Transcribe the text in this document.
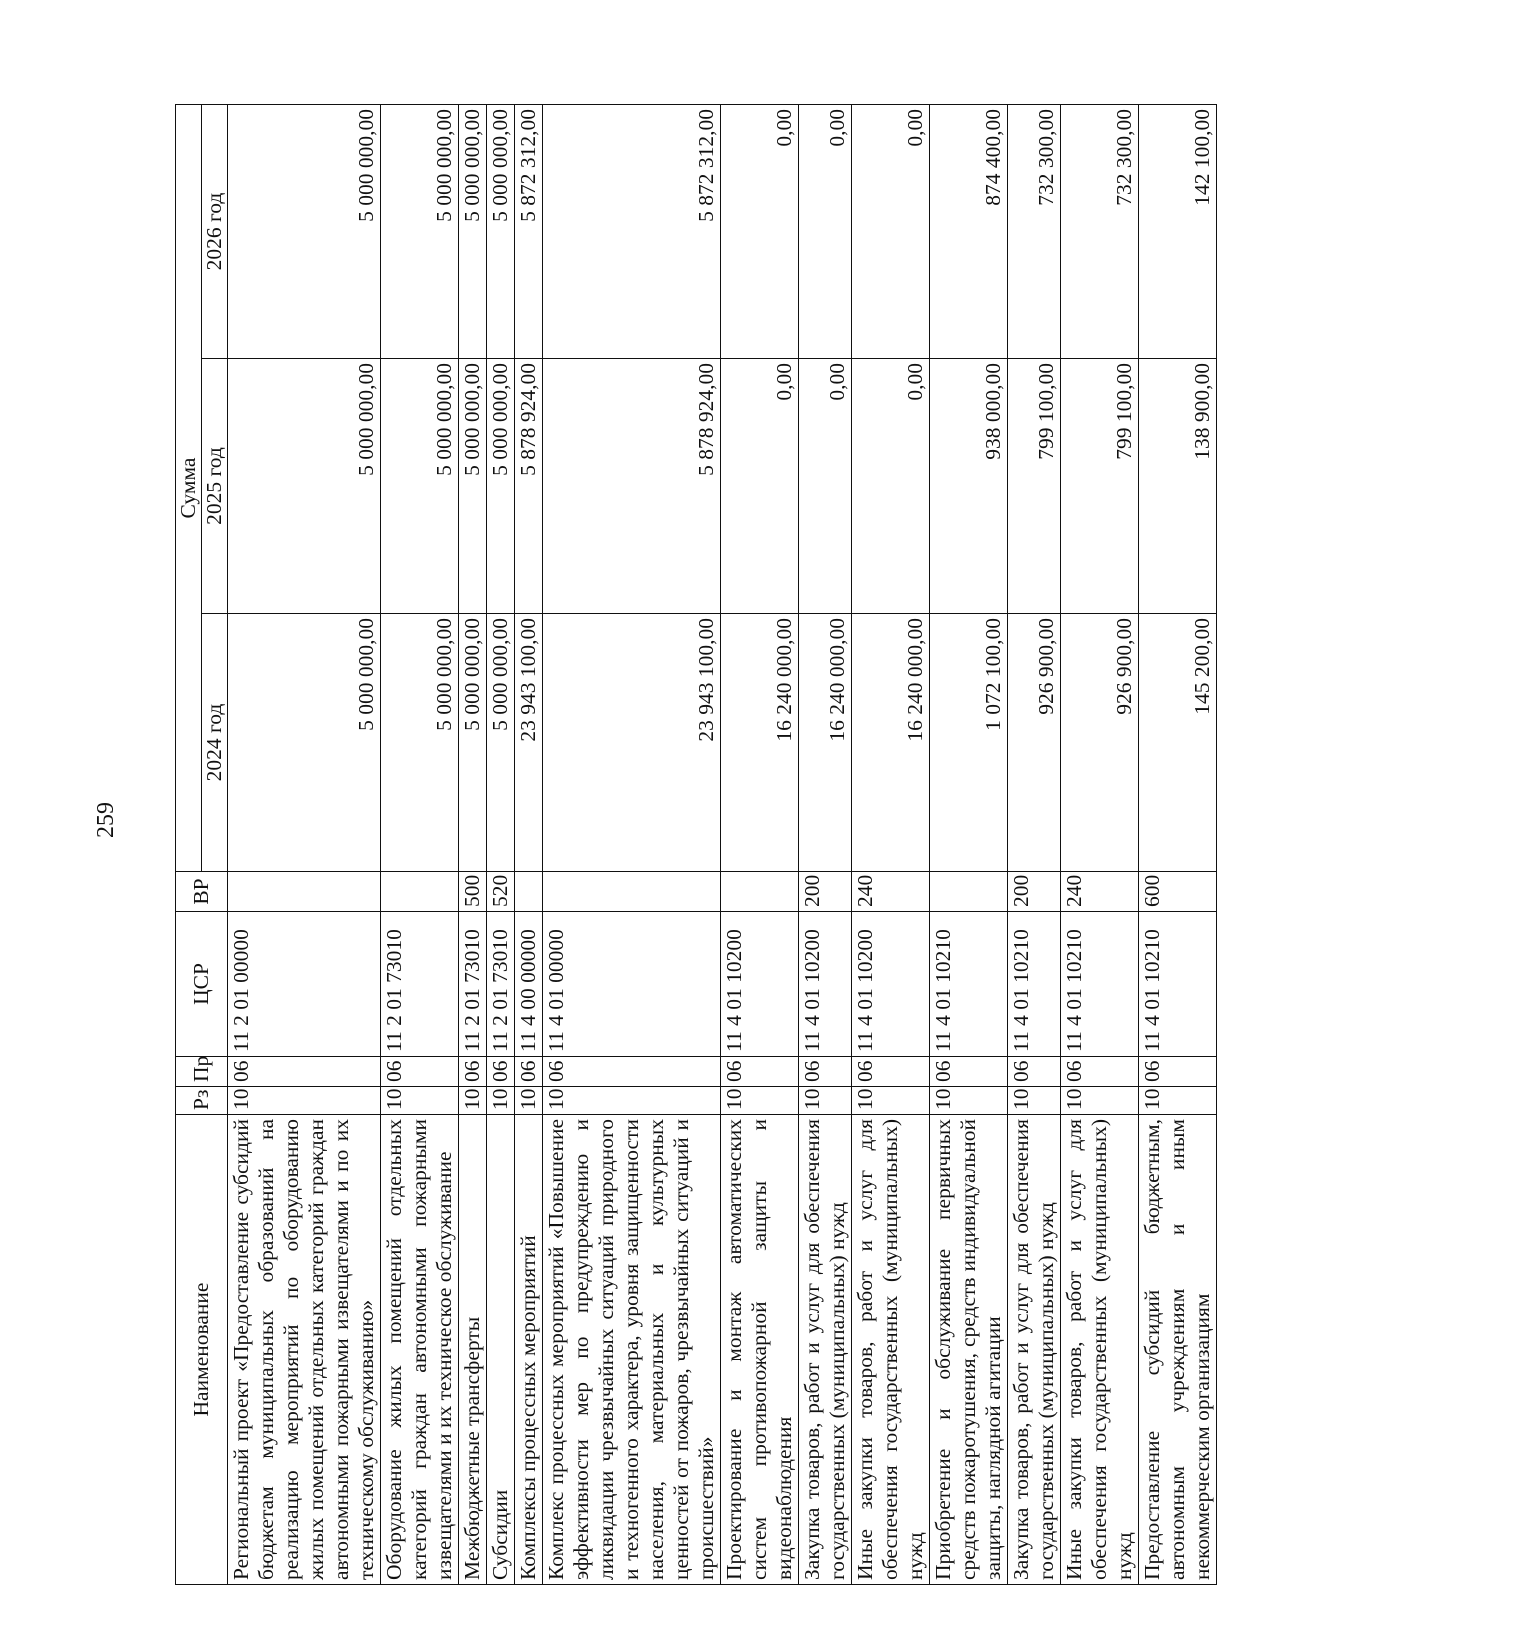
259
Наименование	Рз	Пр	ЦСР	ВР	Сумма		
					2024 год	2025 год	2026 год
Региональный проект «Предоставление субсидий бюджетам муниципальных образований на реализацию мероприятий по оборудованию жилых помещений отдельных категорий граждан автономными пожарными извещателями и по их техническому обслуживанию»	10	06	11 2 01 00000		5 000 000,00	5 000 000,00	5 000 000,00
Оборудование жилых помещений отдельных категорий граждан автономными пожарными извещателями и их техническое обслуживание	10	06	11 2 01 73010		5 000 000,00	5 000 000,00	5 000 000,00
Межбюджетные трансферты	10	06	11 2 01 73010	500	5 000 000,00	5 000 000,00	5 000 000,00
Субсидии	10	06	11 2 01 73010	520	5 000 000,00	5 000 000,00	5 000 000,00
Комплексы процессных мероприятий	10	06	11 4 00 00000		23 943 100,00	5 878 924,00	5 872 312,00
Комплекс процессных мероприятий «Повышение эффективности мер по предупреждению и ликвидации чрезвычайных ситуаций природного и техногенного характера, уровня защищенности населения, материальных и культурных ценностей от пожаров, чрезвычайных ситуаций и происшествий»	10	06	11 4 01 00000		23 943 100,00	5 878 924,00	5 872 312,00
Проектирование и монтаж автоматических систем противопожарной защиты и видеонаблюдения	10	06	11 4 01 10200		16 240 000,00	0,00	0,00
Закупка товаров, работ и услуг для обеспечения государственных (муниципальных) нужд	10	06	11 4 01 10200	200	16 240 000,00	0,00	0,00
Иные закупки товаров, работ и услуг для обеспечения государственных (муниципальных) нужд	10	06	11 4 01 10200	240	16 240 000,00	0,00	0,00
Приобретение и обслуживание первичных средств пожаротушения, средств индивидуальной защиты, наглядной агитации	10	06	11 4 01 10210		1 072 100,00	938 000,00	874 400,00
Закупка товаров, работ и услуг для обеспечения государственных (муниципальных) нужд	10	06	11 4 01 10210	200	926 900,00	799 100,00	732 300,00
Иные закупки товаров, работ и услуг для обеспечения государственных (муниципальных) нужд	10	06	11 4 01 10210	240	926 900,00	799 100,00	732 300,00
Предоставление субсидий бюджетным, автономным учреждениям и иным некоммерческим организациям	10	06	11 4 01 10210	600	145 200,00	138 900,00	142 100,00
